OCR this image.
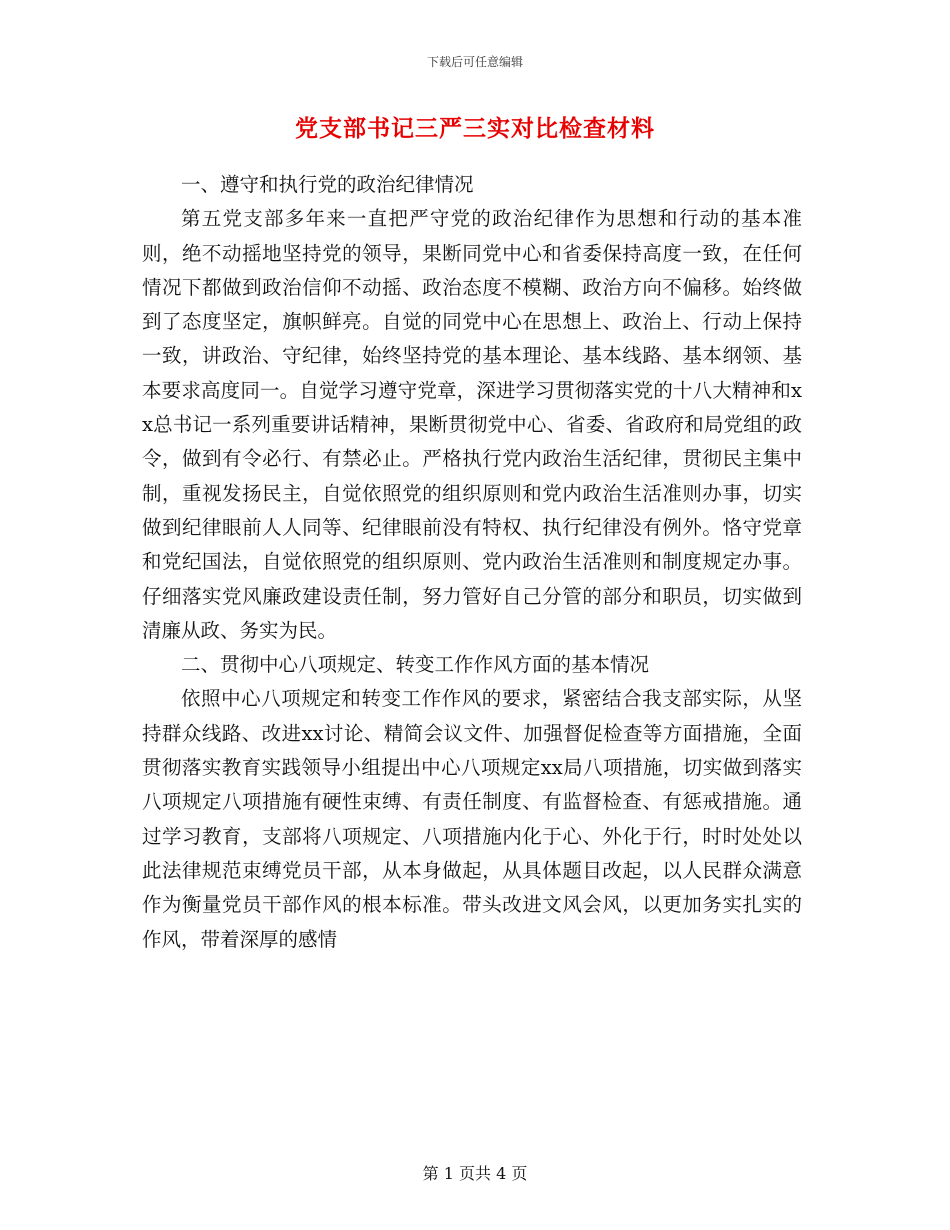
下载后可任意编辑
党支部书记三严三实对比检查材料

一、遵守和执行党的政治纪律情况

第五党支部多年来一直把严守党的政治纪律作为思想和行动的基本准则，绝不动摇地坚持党的领导，果断同党中心和省委保持高度一致，在任何情况下都做到政治信仰不动摇、政治态度不模糊、政治方向不偏移。始终做到了态度坚定，旗帜鲜亮。自觉的同党中心在思想上、政治上、行动上保持一致，讲政治、守纪律，始终坚持党的基本理论、基本线路、基本纲领、基本要求高度同一。自觉学习遵守党章，深进学习贯彻落实党的十八大精神和xx总书记一系列重要讲话精神，果断贯彻党中心、省委、省政府和局党组的政令，做到有令必行、有禁必止。严格执行党内政治生活纪律，贯彻民主集中制，重视发扬民主，自觉依照党的组织原则和党内政治生活准则办事，切实做到纪律眼前人人同等、纪律眼前没有特权、执行纪律没有例外。恪守党章和党纪国法，自觉依照党的组织原则、党内政治生活准则和制度规定办事。仔细落实党风廉政建设责任制，努力管好自己分管的部分和职员，切实做到清廉从政、务实为民。

二、贯彻中心八项规定、转变工作作风方面的基本情况

依照中心八项规定和转变工作作风的要求，紧密结合我支部实际，从坚持群众线路、改进xx讨论、精简会议文件、加强督促检查等方面措施，全面贯彻落实教育实践领导小组提出中心八项规定xx局八项措施，切实做到落实八项规定八项措施有硬性束缚、有责任制度、有监督检查、有惩戒措施。通过学习教育，支部将八项规定、八项措施内化于心、外化于行，时时处处以此法律规范束缚党员干部，从本身做起，从具体题目改起，以人民群众满意作为衡量党员干部作风的根本标准。带头改进文风会风，以更加务实扎实的作风，带着深厚的感情

第 1 页共 4 页
